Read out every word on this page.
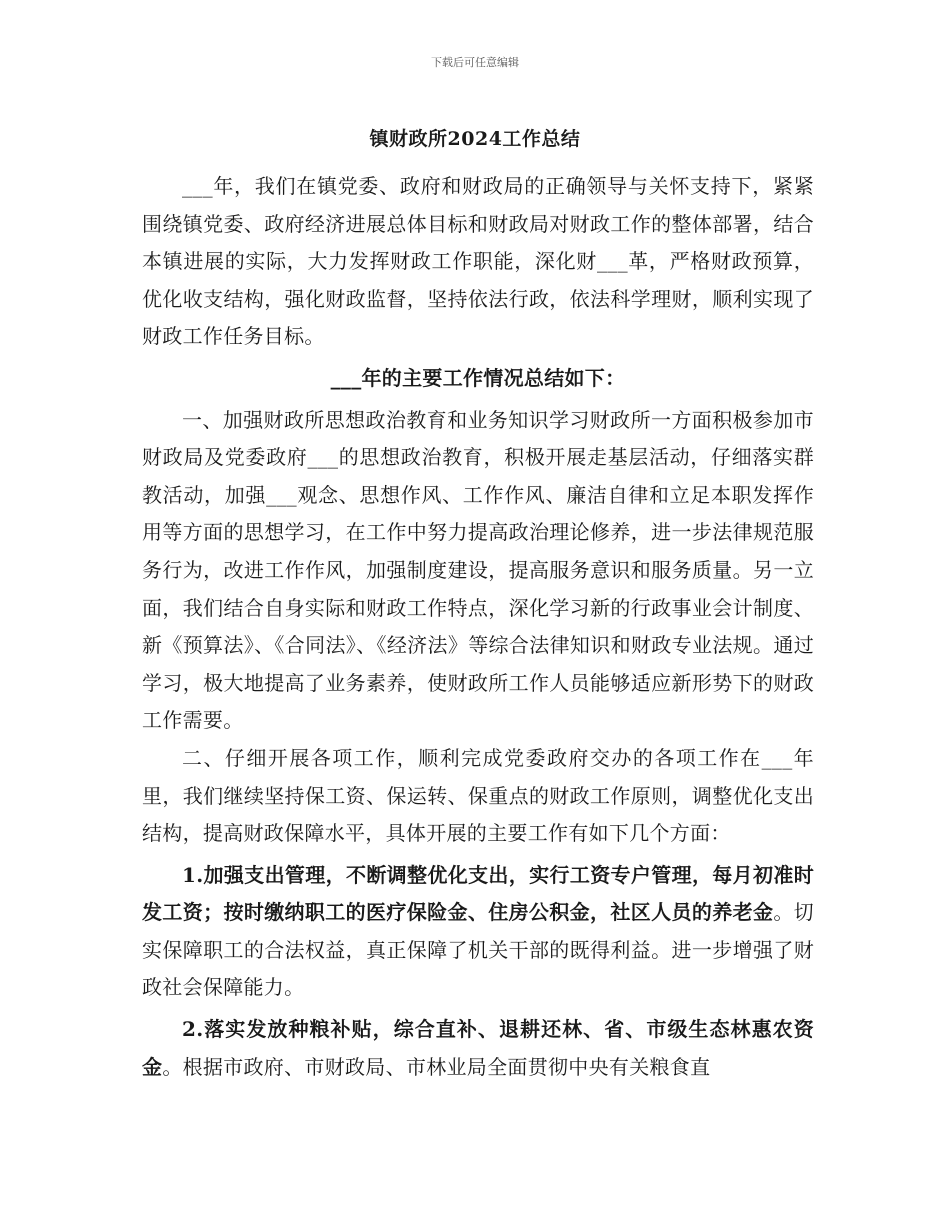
下载后可任意编辑
镇财政所2024工作总结

___年，我们在镇党委、政府和财政局的正确领导与关怀支持下，紧紧围绕镇党委、政府经济进展总体目标和财政局对财政工作的整体部署，结合本镇进展的实际，大力发挥财政工作职能，深化财___革，严格财政预算，优化收支结构，强化财政监督，坚持依法行政，依法科学理财，顺利实现了财政工作任务目标。

___年的主要工作情况总结如下：

一、加强财政所思想政治教育和业务知识学习财政所一方面积极参加市财政局及党委政府___的思想政治教育，积极开展走基层活动，仔细落实群教活动，加强___观念、思想作风、工作作风、廉洁自律和立足本职发挥作用等方面的思想学习，在工作中努力提高政治理论修养，进一步法律规范服务行为，改进工作作风，加强制度建设，提高服务意识和服务质量。另一立面，我们结合自身实际和财政工作特点，深化学习新的行政事业会计制度、新《预算法》、《合同法》、《经济法》等综合法律知识和财政专业法规。通过学习，极大地提高了业务素养，使财政所工作人员能够适应新形势下的财政工作需要。

二、仔细开展各项工作，顺利完成党委政府交办的各项工作在___年里，我们继续坚持保工资、保运转、保重点的财政工作原则，调整优化支出结构，提高财政保障水平，具体开展的主要工作有如下几个方面：

1.加强支出管理，不断调整优化支出，实行工资专户管理，每月初准时发工资；按时缴纳职工的医疗保险金、住房公积金，社区人员的养老金。切实保障职工的合法权益，真正保障了机关干部的既得利益。进一步增强了财政社会保障能力。

2.落实发放种粮补贴，综合直补、退耕还林、省、市级生态林惠农资金。根据市政府、市财政局、市林业局全面贯彻中央有关粮食直
